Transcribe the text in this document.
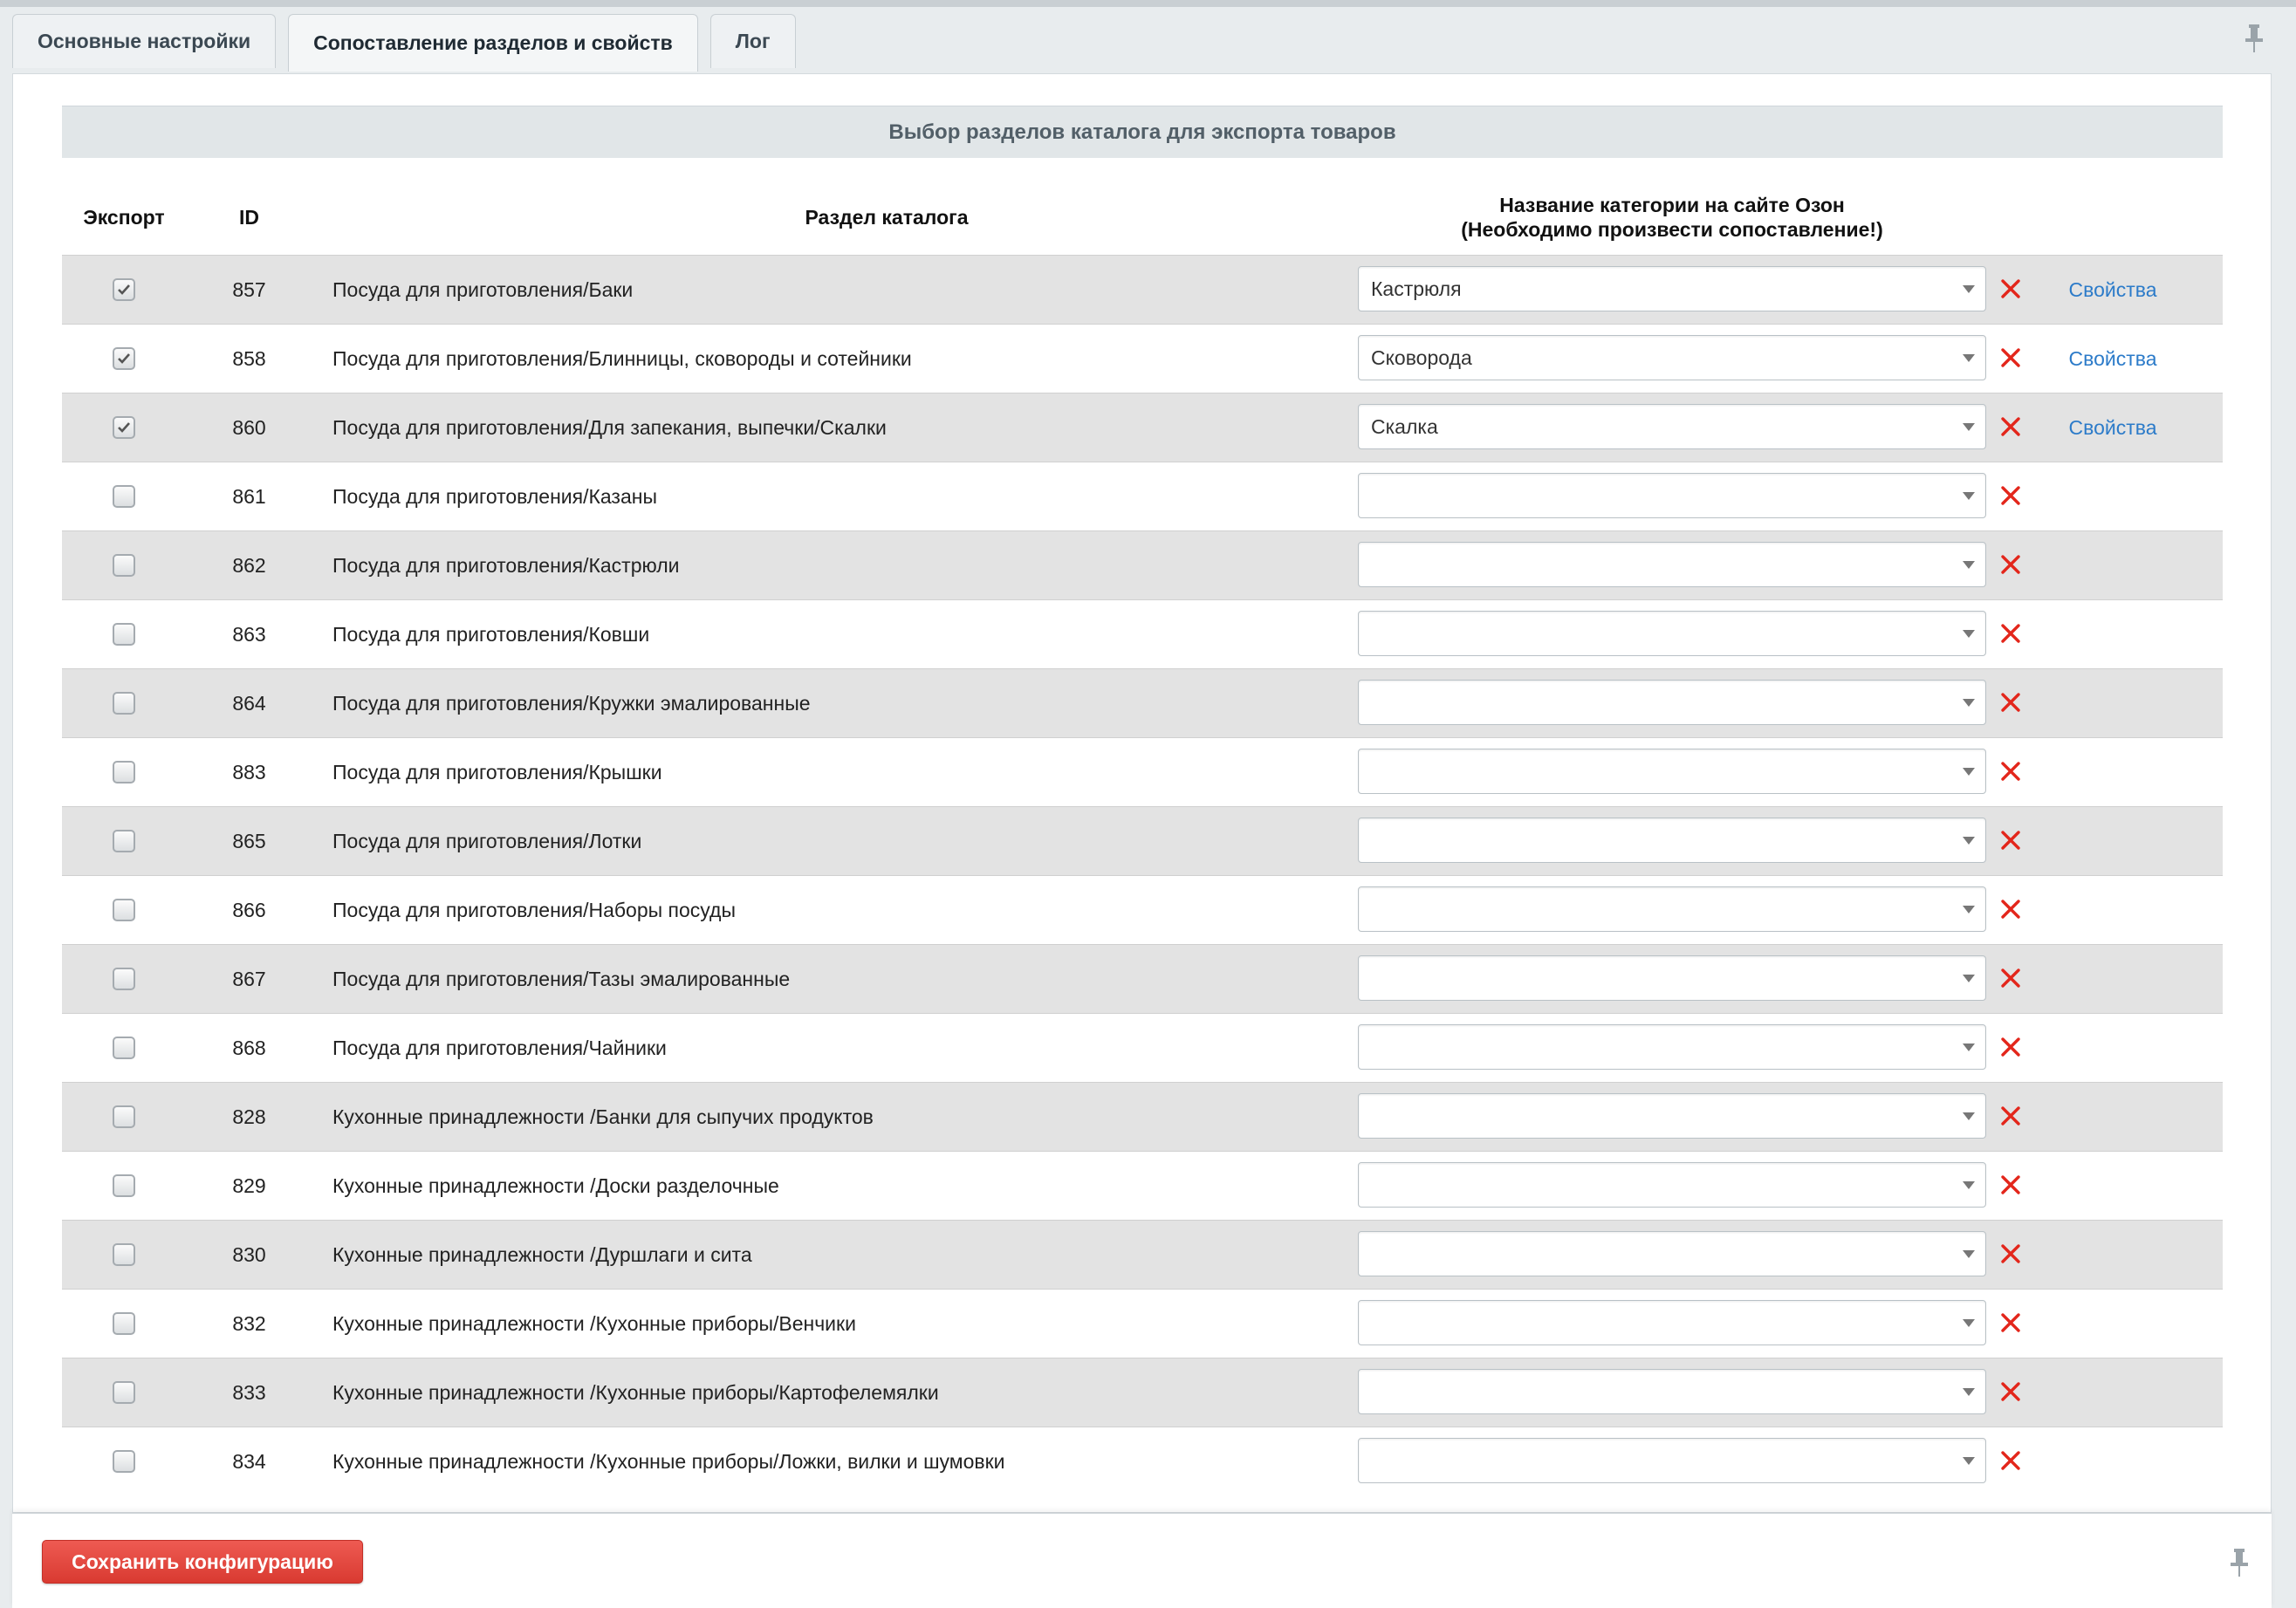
Основные настройки	Сопоставление разделов и свойств	Лог
Выбор разделов каталога для экспорта товаров
Экспорт	ID	Раздел каталога
Название категории на сайте Озон
(Необходимо произвести сопоставление!)
857	Посуда для приготовления/Баки	Кастрюля	Свойства
858	Посуда для приготовления/Блинницы, сковороды и сотейники	Сковорода	Свойства
860	Посуда для приготовления/Для запекания, выпечки/Скалки	Скалка	Свойства
861	Посуда для приготовления/Казаны
862	Посуда для приготовления/Кастрюли
863	Посуда для приготовления/Ковши
864	Посуда для приготовления/Кружки эмалированные
883	Посуда для приготовления/Крышки
865	Посуда для приготовления/Лотки
866	Посуда для приготовления/Наборы посуды
867	Посуда для приготовления/Тазы эмалированные
868	Посуда для приготовления/Чайники
828	Кухонные принадлежности /Банки для сыпучих продуктов
829	Кухонные принадлежности /Доски разделочные
830	Кухонные принадлежности /Дуршлаги и сита
832	Кухонные принадлежности /Кухонные приборы/Венчики
833	Кухонные принадлежности /Кухонные приборы/Картофелемялки
834	Кухонные принадлежности /Кухонные приборы/Ложки, вилки и шумовки
Сохранить конфигурацию
